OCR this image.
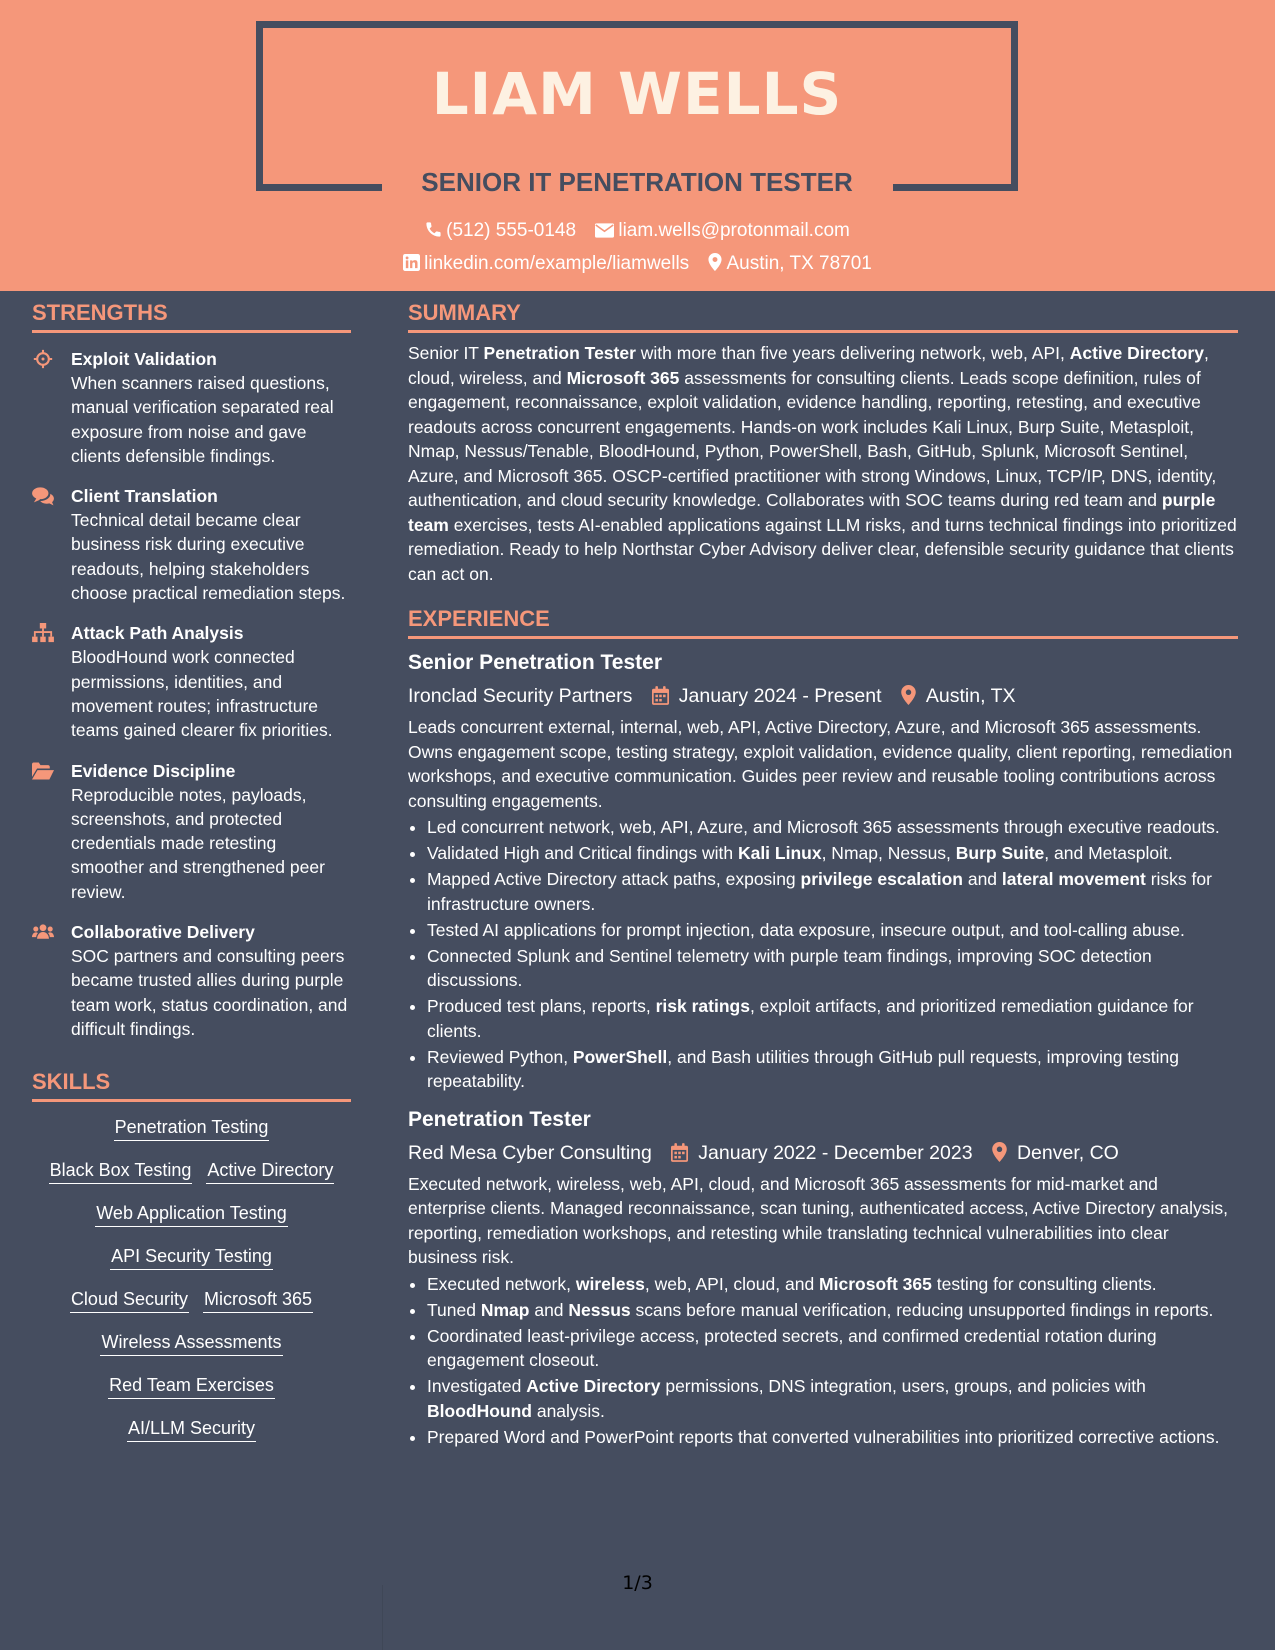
LIAM WELLS
SENIOR IT PENETRATION TESTER
(512) 555-0148 liam.wells@protonmail.com
linkedin.com/example/liamwells Austin, TX 78701
STRENGTHS
Exploit Validation
When scanners raised questions, manual verification separated real exposure from noise and gave clients defensible findings.
Client Translation
Technical detail became clear business risk during executive readouts, helping stakeholders choose practical remediation steps.
Attack Path Analysis
BloodHound work connected permissions, identities, and movement routes; infrastructure teams gained clearer fix priorities.
Evidence Discipline
Reproducible notes, payloads, screenshots, and protected credentials made retesting smoother and strengthened peer review.
Collaborative Delivery
SOC partners and consulting peers became trusted allies during purple team work, status coordination, and difficult findings.
SKILLS
Penetration Testing
Black Box Testing Active Directory
Web Application Testing
API Security Testing
Cloud Security Microsoft 365
Wireless Assessments
Red Team Exercises
AI/LLM Security
SUMMARY

Senior IT Penetration Tester with more than five years delivering network, web, API, Active Directory, cloud, wireless, and Microsoft 365 assessments for consulting clients. Leads scope definition, rules of engagement, reconnaissance, exploit validation, evidence handling, reporting, retesting, and executive readouts across concurrent engagements. Hands-on work includes Kali Linux, Burp Suite, Metasploit, Nmap, Nessus/Tenable, BloodHound, Python, PowerShell, Bash, GitHub, Splunk, Microsoft Sentinel, Azure, and Microsoft 365. OSCP-certified practitioner with strong Windows, Linux, TCP/IP, DNS, identity, authentication, and cloud security knowledge. Collaborates with SOC teams during red team and purple team exercises, tests AI-enabled applications against LLM risks, and turns technical findings into prioritized remediation. Ready to help Northstar Cyber Advisory deliver clear, defensible security guidance that clients can act on.

EXPERIENCE
Senior Penetration Tester
Ironclad Security Partners January 2024 - Present Austin, TX
Leads concurrent external, internal, web, API, Active Directory, Azure, and Microsoft 365 assessments. Owns engagement scope, testing strategy, exploit validation, evidence quality, client reporting, remediation workshops, and executive communication. Guides peer review and reusable tooling contributions across consulting engagements.
• Led concurrent network, web, API, Azure, and Microsoft 365 assessments through executive readouts.
• Validated High and Critical findings with Kali Linux, Nmap, Nessus, Burp Suite, and Metasploit.
• Mapped Active Directory attack paths, exposing privilege escalation and lateral movement risks for infrastructure owners.
• Tested AI applications for prompt injection, data exposure, insecure output, and tool-calling abuse.
• Connected Splunk and Sentinel telemetry with purple team findings, improving SOC detection discussions.
• Produced test plans, reports, risk ratings, exploit artifacts, and prioritized remediation guidance for clients.
• Reviewed Python, PowerShell, and Bash utilities through GitHub pull requests, improving testing repeatability.
Penetration Tester
Red Mesa Cyber Consulting January 2022 - December 2023 Denver, CO
Executed network, wireless, web, API, cloud, and Microsoft 365 assessments for mid-market and enterprise clients. Managed reconnaissance, scan tuning, authenticated access, Active Directory analysis, reporting, remediation workshops, and retesting while translating technical vulnerabilities into clear business risk.
• Executed network, wireless, web, API, cloud, and Microsoft 365 testing for consulting clients.
• Tuned Nmap and Nessus scans before manual verification, reducing unsupported findings in reports.
• Coordinated least-privilege access, protected secrets, and confirmed credential rotation during engagement closeout.
• Investigated Active Directory permissions, DNS integration, users, groups, and policies with BloodHound analysis.
• Prepared Word and PowerPoint reports that converted vulnerabilities into prioritized corrective actions.
1/3
